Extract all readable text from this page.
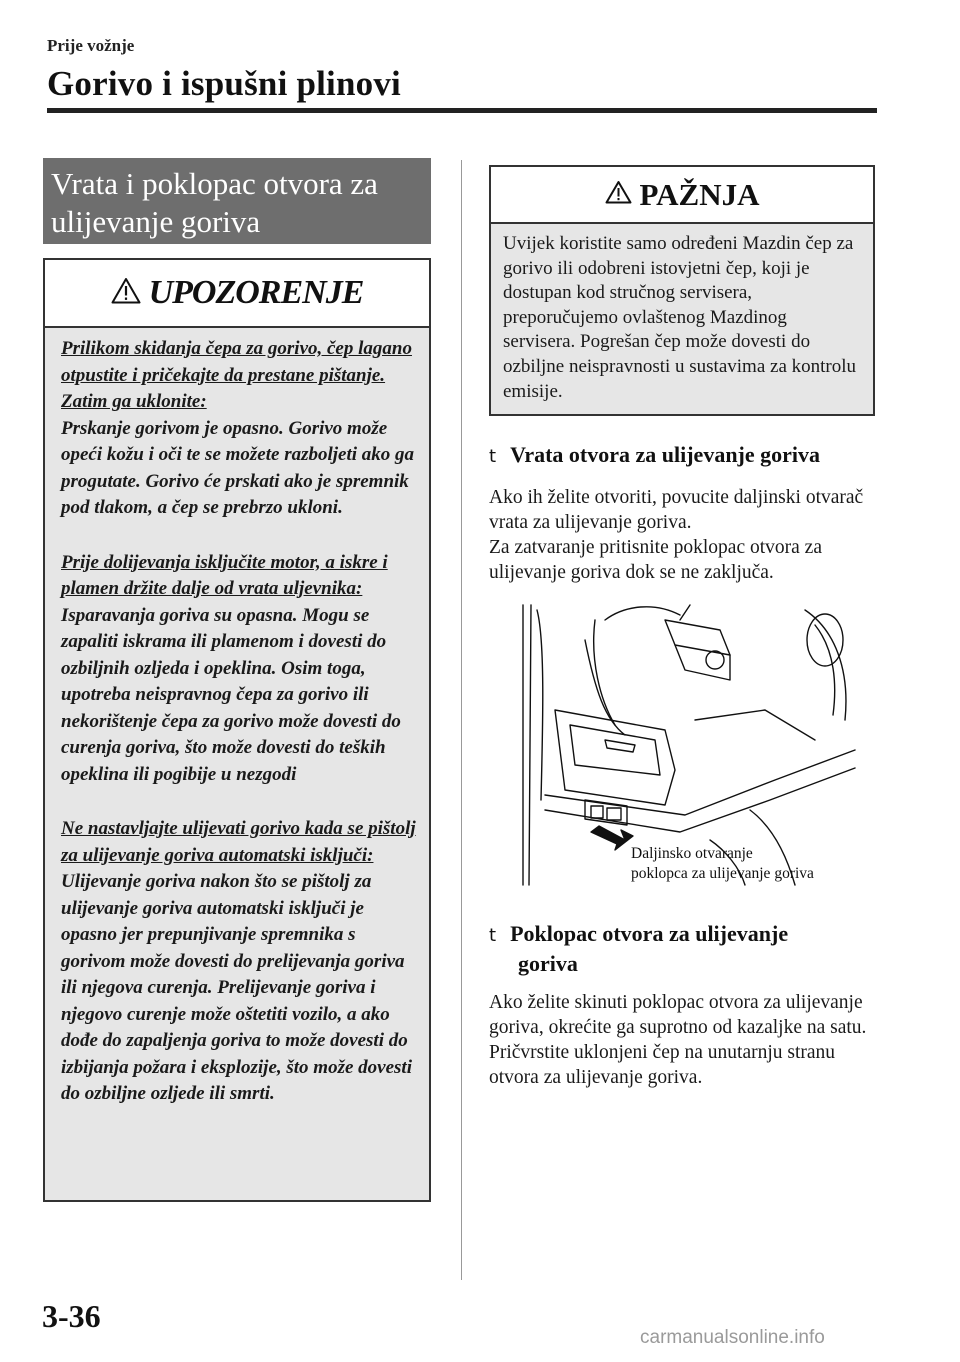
Prije vožnje
Gorivo i ispušni plinovi
Vrata i poklopac otvora za
ulijevanje goriva
UPOZORENJE

Prilikom skidanja čepa za gorivo, čep lagano otpustite i pričekajte da prestane pištanje. Zatim ga uklonite:
Prskanje gorivom je opasno. Gorivo može opeći kožu i oči te se možete razboljeti ako ga progutate. Gorivo će prskati ako je spremnik pod tlakom, a čep se prebrzo ukloni.

Prije dolijevanja isključite motor, a iskre i plamen držite dalje od vrata uljevnika:
Isparavanja goriva su opasna. Mogu se zapaliti iskrama ili plamenom i dovesti do ozbiljnih ozljeda i opeklina. Osim toga, upotreba neispravnog čepa za gorivo ili nekorištenje čepa za gorivo može dovesti do curenja goriva, što može dovesti do teških opeklina ili pogibije u nezgodi

Ne nastavljajte ulijevati gorivo kada se pištolj za ulijevanje goriva automatski isključi:
Ulijevanje goriva nakon što se pištolj za ulijevanje goriva automatski isključi je opasno jer prepunjivanje spremnika s gorivom može dovesti do prelijevanja goriva ili njegova curenja. Prelijevanje goriva i njegovo curenje može oštetiti vozilo, a ako dođe do zapaljenja goriva to može dovesti do izbijanja požara i eksplozije, što može dovesti do ozbiljne ozljede ili smrti.

PAŽNJA
Uvijek koristite samo određeni Mazdin čep za gorivo ili odobreni istovjetni čep, koji je dostupan kod stručnog servisera, preporučujemo ovlaštenog Mazdinog servisera. Pogrešan čep može dovesti do ozbiljne neispravnosti u sustavima za kontrolu emisije.
t Vrata otvora za ulijevanje goriva
Ako ih želite otvoriti, povucite daljinski otvarač vrata za ulijevanje goriva.
Za zatvaranje pritisnite poklopac otvora za ulijevanje goriva dok se ne zaključa.
Daljinsko otvaranje
poklopca za ulijevanje goriva
t Poklopac otvora za ulijevanje
goriva
Ako želite skinuti poklopac otvora za ulijevanje goriva, okrećite ga suprotno od kazaljke na satu.
Pričvrstite uklonjeni čep na unutarnju stranu otvora za ulijevanje goriva.
3-36
carmanualsonline.info
